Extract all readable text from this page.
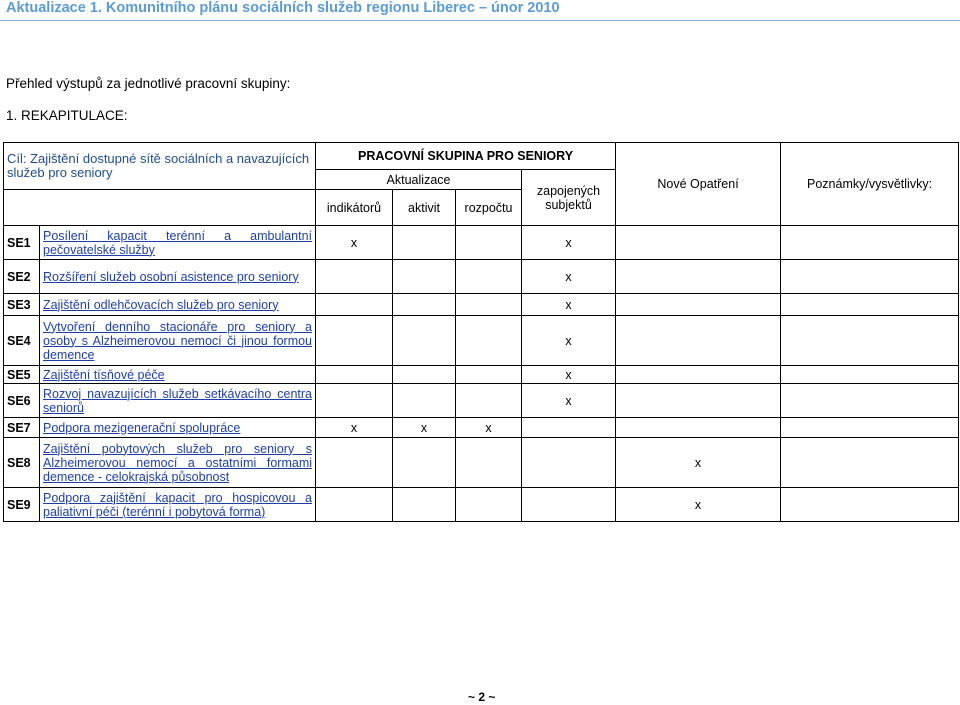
Aktualizace 1. Komunitního plánu sociálních služeb regionu Liberec – únor 2010
Přehled výstupů za jednotlivé pracovní skupiny:
1. REKAPITULACE:
Cíl: Zajištění dostupné sítě sociálních a navazujících služeb pro seniory		PRACOVNÍ SKUPINA PRO SENIORY				Nové Opatření	Poznámky/vysvětlivky:
		Aktualizace			zapojených subjektů		
		indikátorů	aktivit	rozpočtu			
SE1	Posílení kapacit terénní a ambulantní pečovatelské služby	x			x		
SE2	Rozšíření služeb osobní asistence pro seniory				x		
SE3	Zajištění odlehčovacích služeb pro seniory				x		
SE4	Vytvoření denního stacionáře pro seniory a osoby s Alzheimerovou nemocí či jinou formou demence				x		
SE5	Zajištění tísňové péče				x		
SE6	Rozvoj navazujících služeb setkávacího centra seniorů				x		
SE7	Podpora mezigenerační spolupráce	x	x	x			
SE8	Zajištění pobytových služeb pro seniory s Alzheimerovou nemocí a ostatními formami demence - celokrajská působnost					x	
SE9	Podpora zajištění kapacit pro hospicovou a paliativní péči (terénní i pobytová forma)					x	
~ 2 ~
